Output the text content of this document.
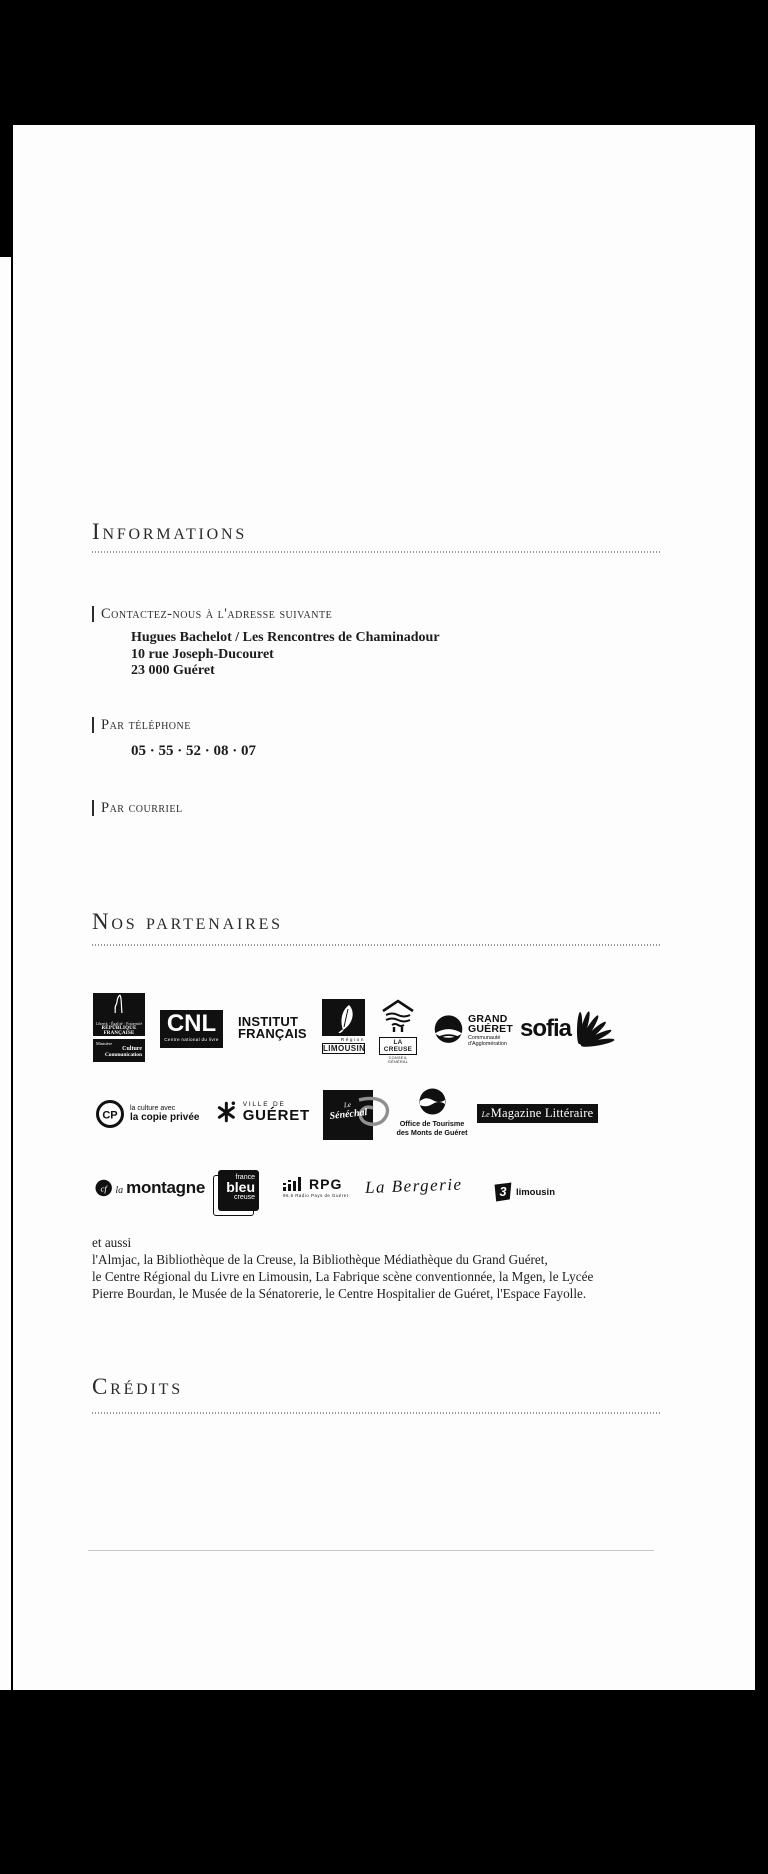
Informations
Contactez-nous à l'adresse suivante
Hugues Bachelot / Les Rencontres de Chaminadour
10 rue Joseph-Ducouret
23 000 Guéret
Par téléphone
05 · 55 · 52 · 08 · 07
Par courriel
Nos partenaires
Liberté · Égalité · Fraternité
RÉPUBLIQUE FRANÇAISE
Ministère
Culture
Communication
CNL
Centre national du livre
INSTITUT
FRANÇAIS	Région
LIMOUSIN
LA CREUSE
CONSEIL GÉNÉRAL
GRAND
GUÉRET
Communauté
d'Agglomération
sofia
CP
la culture avec
la copie privée
VILLE DE
GUÉRET
Le
Sénéchal
Office de Tourisme
des Monts de Guéret
Le Magazine Littéraire
cf la montagne
france
bleu
creuse
RPG
96.6 Radio Pays de Guéret La Bergerie	3 limousin
et aussi
l'Almjac, la Bibliothèque de la Creuse, la Bibliothèque Médiathèque du Grand Guéret,
le Centre Régional du Livre en Limousin, La Fabrique scène conventionnée, la Mgen, le Lycée
Pierre Bourdan, le Musée de la Sénatorerie, le Centre Hospitalier de Guéret, l'Espace Fayolle.
Crédits
